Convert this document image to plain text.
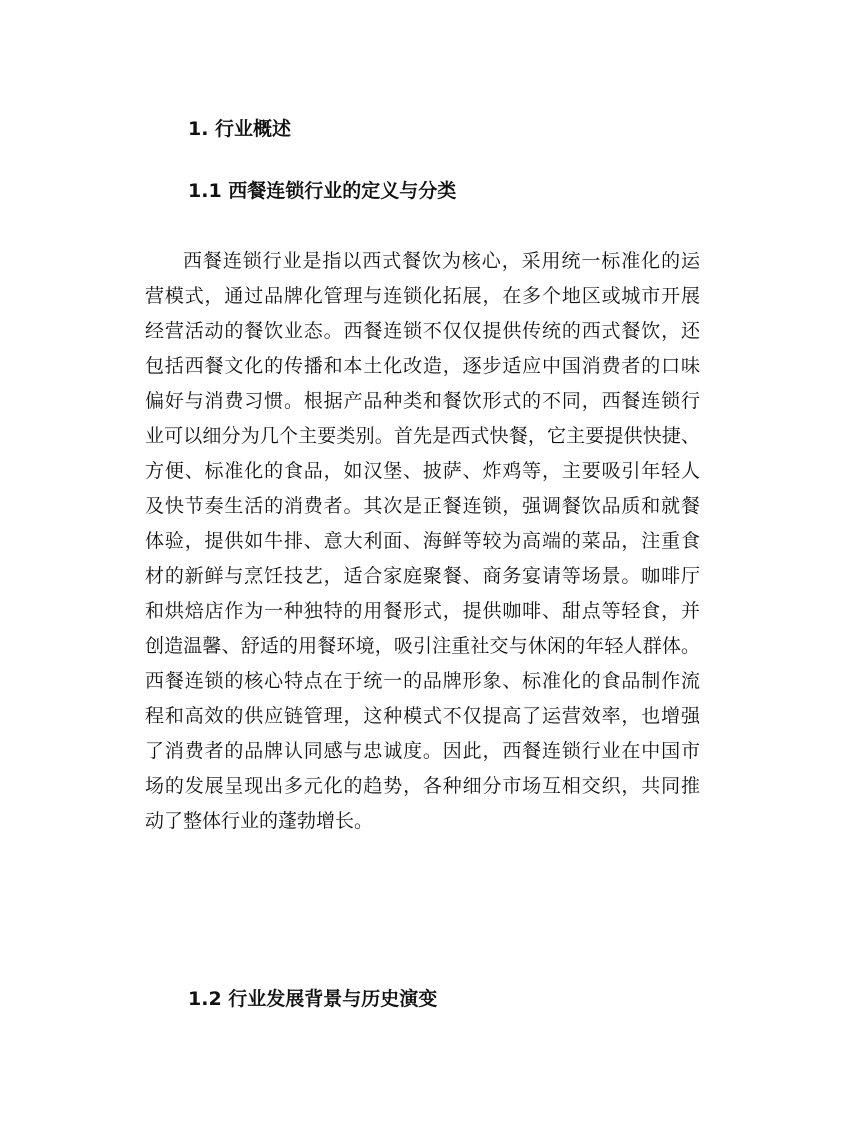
1. 行业概述
1.1 西餐连锁行业的定义与分类
西餐连锁行业是指以西式餐饮为核心，采用统一标准化的运
营模式，通过品牌化管理与连锁化拓展，在多个地区或城市开展
经营活动的餐饮业态。西餐连锁不仅仅提供传统的西式餐饮，还
包括西餐文化的传播和本土化改造，逐步适应中国消费者的口味
偏好与消费习惯。根据产品种类和餐饮形式的不同，西餐连锁行
业可以细分为几个主要类别。首先是西式快餐，它主要提供快捷、
方便、标准化的食品，如汉堡、披萨、炸鸡等，主要吸引年轻人
及快节奏生活的消费者。其次是正餐连锁，强调餐饮品质和就餐
体验，提供如牛排、意大利面、海鲜等较为高端的菜品，注重食
材的新鲜与烹饪技艺，适合家庭聚餐、商务宴请等场景。咖啡厅
和烘焙店作为一种独特的用餐形式，提供咖啡、甜点等轻食，并
创造温馨、舒适的用餐环境，吸引注重社交与休闲的年轻人群体。
西餐连锁的核心特点在于统一的品牌形象、标准化的食品制作流
程和高效的供应链管理，这种模式不仅提高了运营效率，也增强
了消费者的品牌认同感与忠诚度。因此，西餐连锁行业在中国市
场的发展呈现出多元化的趋势，各种细分市场互相交织，共同推
动了整体行业的蓬勃增长。
1.2 行业发展背景与历史演变
